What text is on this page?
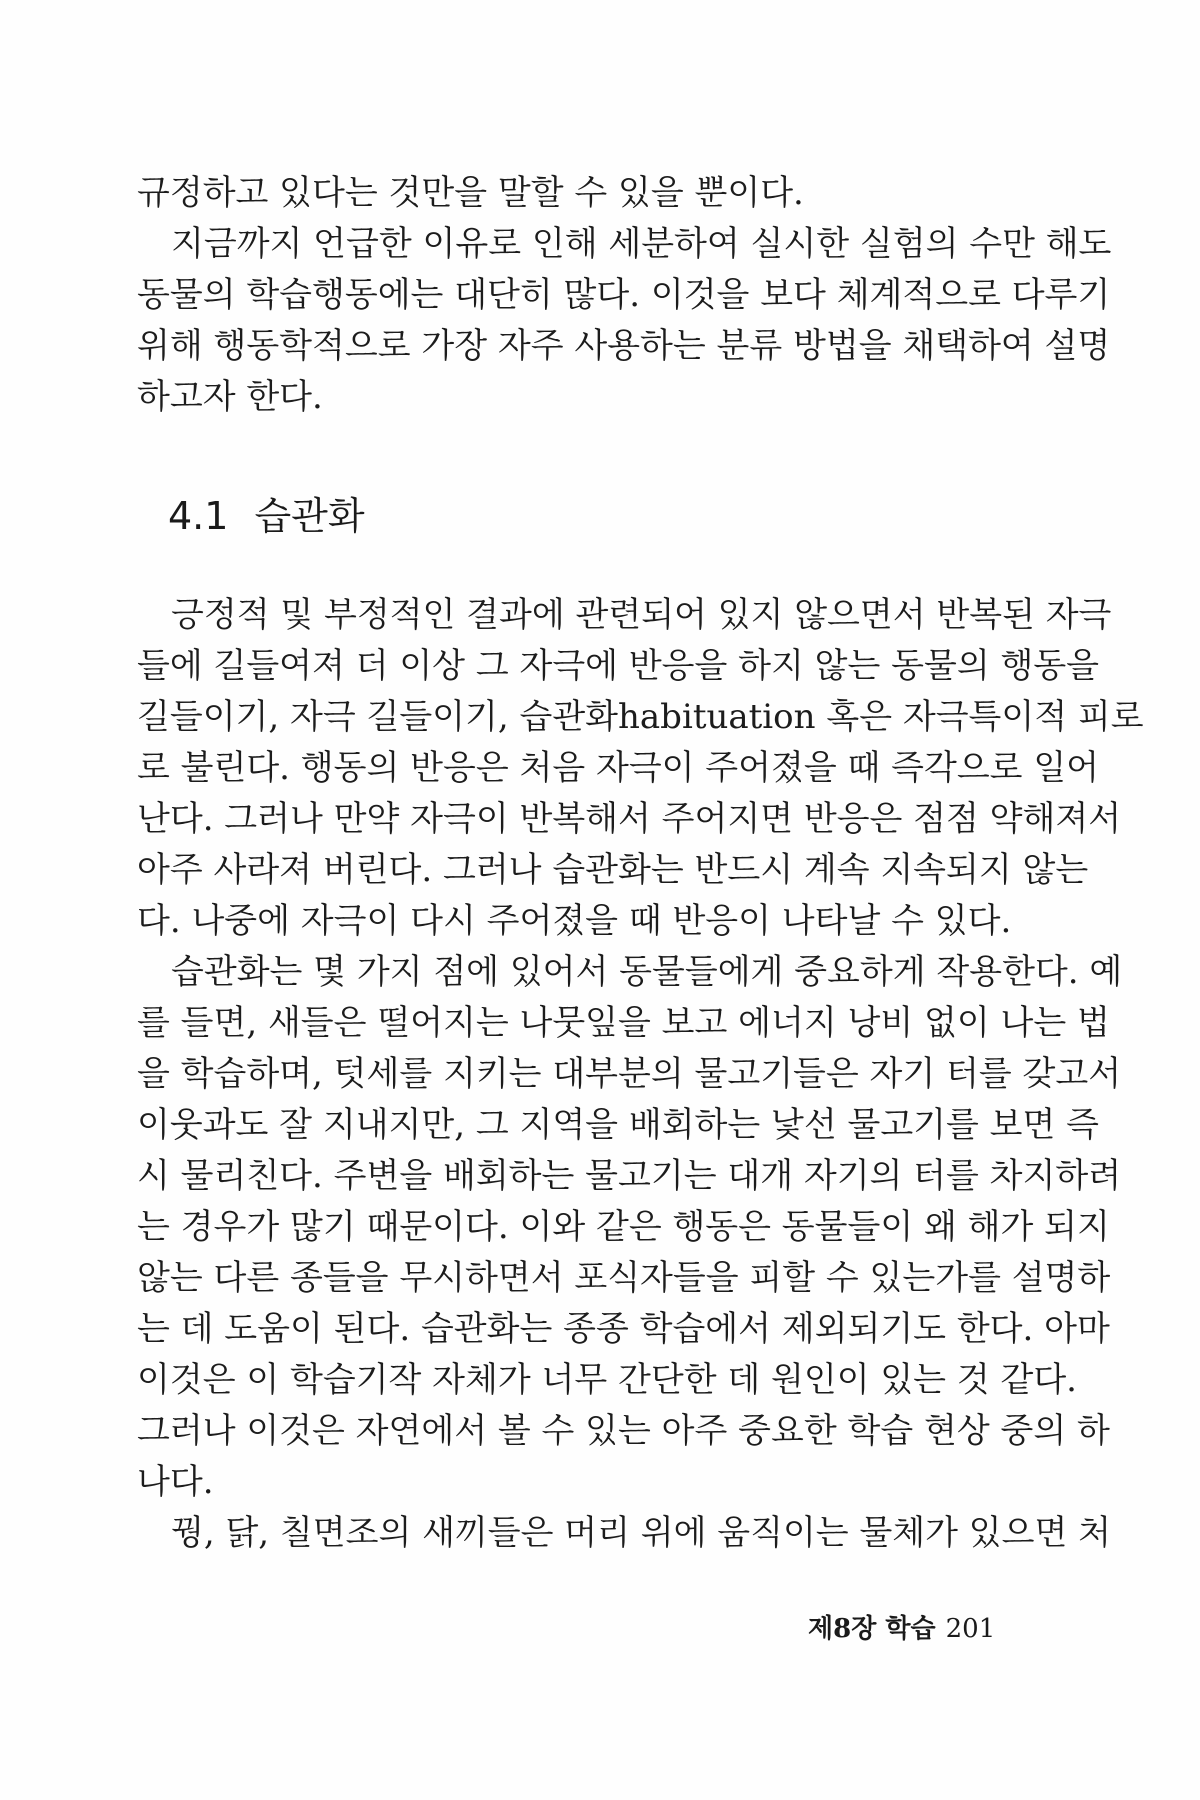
규정하고 있다는 것만을 말할 수 있을 뿐이다.
지금까지 언급한 이유로 인해 세분하여 실시한 실험의 수만 해도
동물의 학습행동에는 대단히 많다. 이것을 보다 체계적으로 다루기
위해 행동학적으로 가장 자주 사용하는 분류 방법을 채택하여 설명
하고자 한다.
4.1 습관화
긍정적 및 부정적인 결과에 관련되어 있지 않으면서 반복된 자극
들에 길들여져 더 이상 그 자극에 반응을 하지 않는 동물의 행동을
길들이기, 자극 길들이기, 습관화habituation 혹은 자극특이적 피로
로 불린다. 행동의 반응은 처음 자극이 주어졌을 때 즉각으로 일어
난다. 그러나 만약 자극이 반복해서 주어지면 반응은 점점 약해져서
아주 사라져 버린다. 그러나 습관화는 반드시 계속 지속되지 않는
다. 나중에 자극이 다시 주어졌을 때 반응이 나타날 수 있다.
습관화는 몇 가지 점에 있어서 동물들에게 중요하게 작용한다. 예
를 들면, 새들은 떨어지는 나뭇잎을 보고 에너지 낭비 없이 나는 법
을 학습하며, 텃세를 지키는 대부분의 물고기들은 자기 터를 갖고서
이웃과도 잘 지내지만, 그 지역을 배회하는 낯선 물고기를 보면 즉
시 물리친다. 주변을 배회하는 물고기는 대개 자기의 터를 차지하려
는 경우가 많기 때문이다. 이와 같은 행동은 동물들이 왜 해가 되지
않는 다른 종들을 무시하면서 포식자들을 피할 수 있는가를 설명하
는 데 도움이 된다. 습관화는 종종 학습에서 제외되기도 한다. 아마
이것은 이 학습기작 자체가 너무 간단한 데 원인이 있는 것 같다.
그러나 이것은 자연에서 볼 수 있는 아주 중요한 학습 현상 중의 하
나다.
꿩, 닭, 칠면조의 새끼들은 머리 위에 움직이는 물체가 있으면 처
제8장 학습 201
